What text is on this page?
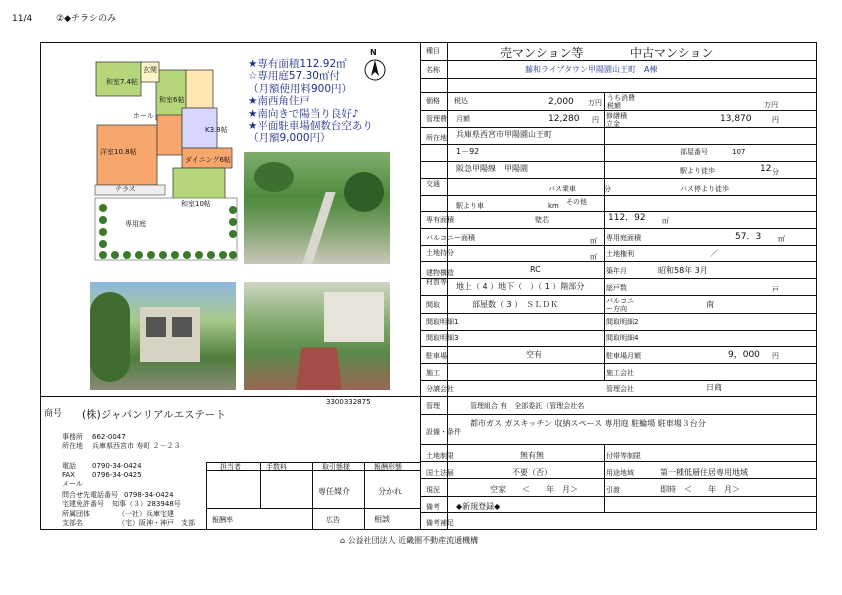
11/4	②◆チラシのみ
和室7.4帖
和室6帖
ホール
洋室10.8帖
ダイニング6帖
和室10帖
テラス
専用庭
玄関
K3.8帖
N
★専有面積112.92㎡
☆専用庭57.30㎡付
（月額使用料900円）
★南西角住戸
★南向きで陽当り良好♪
★平面駐車場個数台空あり
（月額9,000円）
商号 (株)ジャパンリアルエステート
3300332875
事務所 662-0047
所在地 兵庫県西宮市 寿町 ２－２３
電話 0790-34-0424
FAX 0796-34-0425
メール
問合せ先電話番号 0798-34-0424
宅建免許番号 知事（３）283948号
所属団体	（一社）兵庫宅建
支部名	（宅）阪神・神戸　支部
担当者	手数料	取引態様	報酬形態
専任媒介	分かれ
報酬率	広告	相談
売マンション等	中古マンション
種目
名称	藤和ライブタウン甲陽園山王町　A棟
価格 税込	2,000 万円
うち消費税額	万円
管理費 月額	12,280 円 修繕積立金	13,870	円
所在地 兵庫県西宮市甲陽園山王町
1－92	部屋番号	107
交通
阪急甲陽線　甲陽園	駅より徒歩	12 分
バス乗車	分	バス停より徒歩
駅より車	km その他
専有面積	壁芯	112．92 ㎡
バルコニー面積	㎡ 専用庭面積	57．3 ㎡
土地持分	㎡ 土地権利	／
建物構造
材質等
RC	築年月	昭和58年 3月
地上（ 4 ）地下（　）（ 1 ）階部分	総戸数	戸
間取	部屋数（ 3 ）　ＳＬＤＫ	バルコニー方向	南
間取明細1	間取明細2
間取明細3	間取明細4
駐車場	空有	駐車場月額	9，000 円
施工	施工会社
分譲会社	管理会社	日商
管理	管理組合 有　全部委託（管理会社名
設備・条件
都市ガス ガスキッチン 収納スペース 専用庭 駐輪場 駐車場３台分
土地制限	無有無	付帯等制限
国土法届	不要（否）	用途地域	第一種低層住居専用地域
現況	空家　　＜　　年　月＞	引渡	即時　＜　　年　月＞
備考 ◆新規登録◆
備考補足
⌂ 公益社団法人 近畿圏不動産流通機構
